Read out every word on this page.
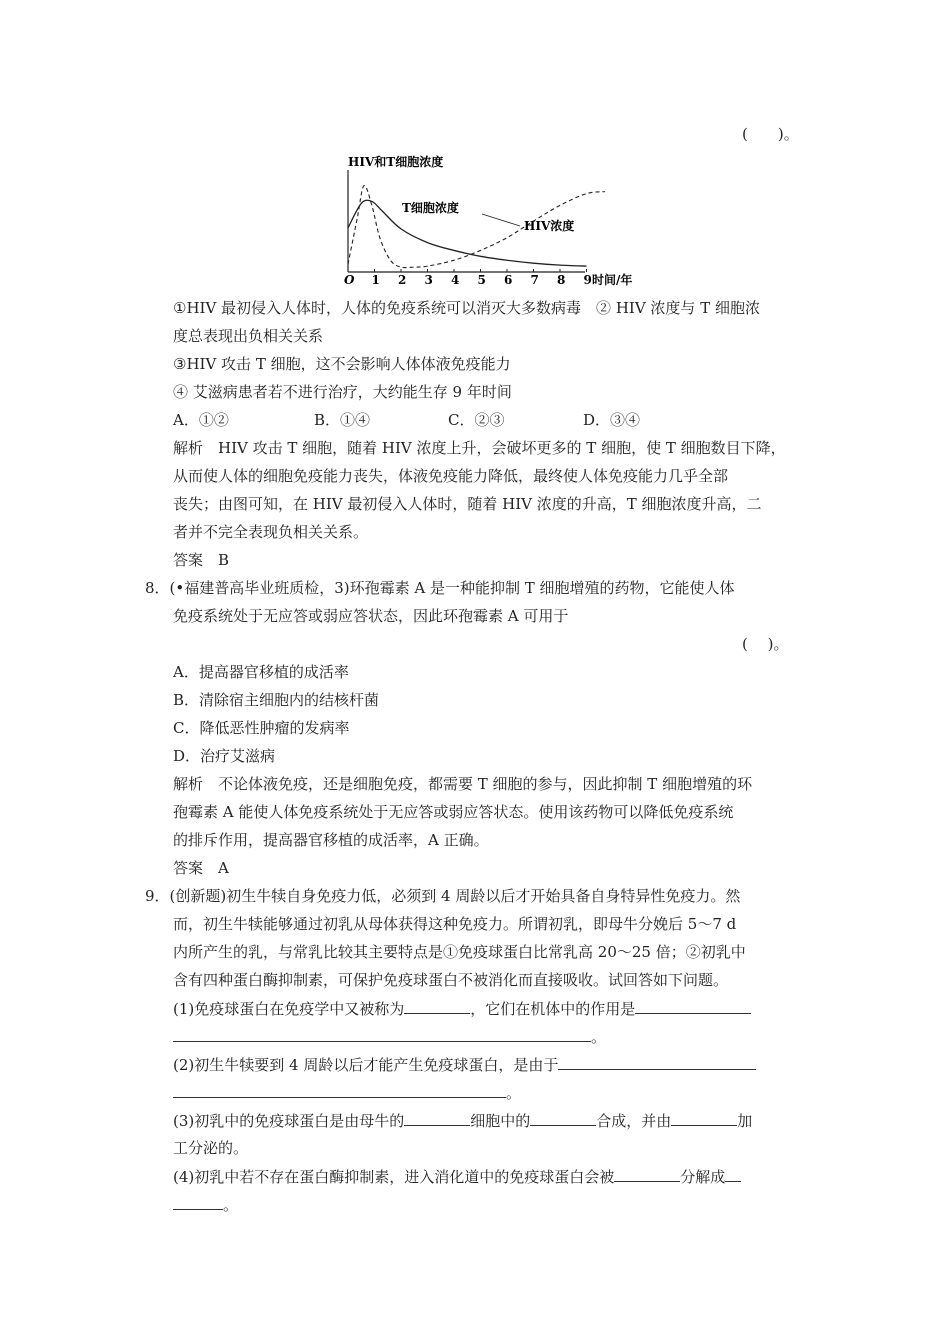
(　　)。
HIV和T细胞浓度
时间/年
O 1 2 3 4 5 6 7 8 9
T细胞浓度
HIV浓度
①HIV 最初侵入人体时，人体的免疫系统可以消灭大多数病毒　② HIV 浓度与 T 细胞浓
度总表现出负相关关系
③HIV 攻击 T 细胞，这不会影响人体体液免疫能力
④ 艾滋病患者若不进行治疗，大约能生存 9 年时间
A．①②	B．①④	C．②③	D．③④
解析　HIV 攻击 T 细胞，随着 HIV 浓度上升，会破坏更多的 T 细胞，使 T 细胞数目下降，
从而使人体的细胞免疫能力丧失，体液免疫能力降低，最终使人体免疫能力几乎全部
丧失；由图可知，在 HIV 最初侵入人体时，随着 HIV 浓度的升高，T 细胞浓度升高，二
者并不完全表现负相关关系。
答案　B
8．(•福建普高毕业班质检，3)环孢霉素 A 是一种能抑制 T 细胞增殖的药物，它能使人体
免疫系统处于无应答或弱应答状态，因此环孢霉素 A 可用于
(　 )。
A．提高器官移植的成活率
B．清除宿主细胞内的结核杆菌
C．降低恶性肿瘤的发病率
D．治疗艾滋病
解析　不论体液免疫，还是细胞免疫，都需要 T 细胞的参与，因此抑制 T 细胞增殖的环
孢霉素 A 能使人体免疫系统处于无应答或弱应答状态。使用该药物可以降低免疫系统
的排斥作用，提高器官移植的成活率，A 正确。
答案　A
9．(创新题)初生牛犊自身免疫力低，必须到 4 周龄以后才开始具备自身特异性免疫力。然
而，初生牛犊能够通过初乳从母体获得这种免疫力。所谓初乳，即母牛分娩后 5～7 d
内所产生的乳，与常乳比较其主要特点是①免疫球蛋白比常乳高 20～25 倍；②初乳中
含有四种蛋白酶抑制素，可保护免疫球蛋白不被消化而直接吸收。试回答如下问题。
(1)免疫球蛋白在免疫学中又被称为	，它们在机体中的作用是
。
(2)初生牛犊要到 4 周龄以后才能产生免疫球蛋白，是由于
。
(3)初乳中的免疫球蛋白是由母牛的	细胞中的	合成，并由	加
工分泌的。
(4)初乳中若不存在蛋白酶抑制素，进入消化道中的免疫球蛋白会被	分解成
。
